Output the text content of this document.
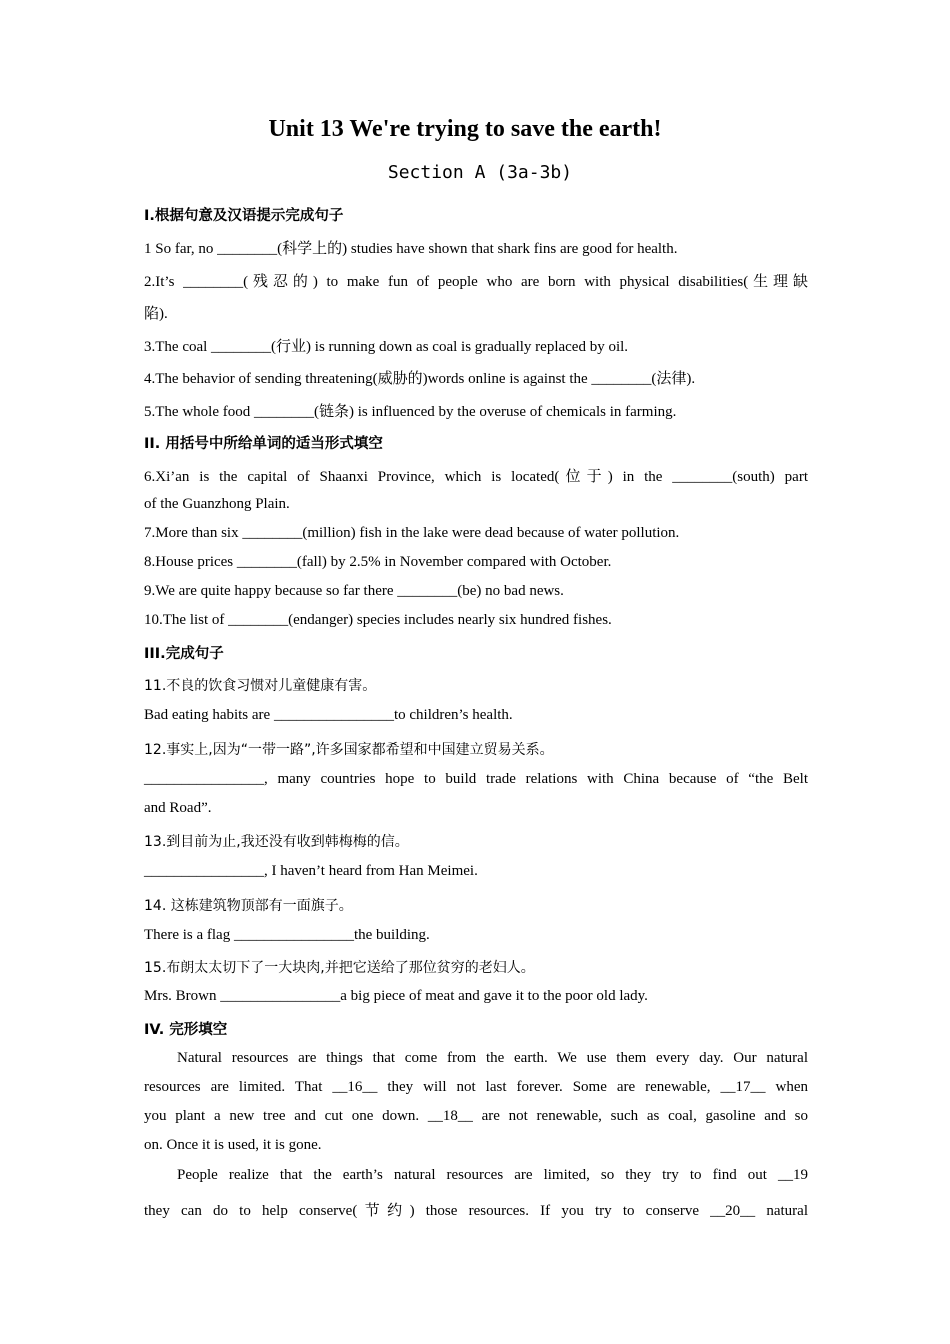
Unit 13 We're trying to save the earth!
Section A (3a-3b)
I.根据句意及汉语提示完成句子
1 So far, no ________(科学上的) studies have shown that shark fins are good for health.
2.It’s ________(残忍的) to make fun of people who are born with physical disabilities(生理缺
陷).
3.The coal ________(行业) is running down as coal is gradually replaced by oil.
4.The behavior of sending threatening(威胁的)words online is against the ________(法律).
5.The whole food ________(链条) is influenced by the overuse of chemicals in farming.
II. 用括号中所给单词的适当形式填空
6.Xi’an is the capital of Shaanxi Province, which is located(位于) in the ________(south) part
of the Guanzhong Plain.
7.More than six ________(million) fish in the lake were dead because of water pollution.
8.House prices ________(fall) by 2.5% in November compared with October.
9.We are quite happy because so far there ________(be) no bad news.
10.The list of ________(endanger) species includes nearly six hundred fishes.
III.完成句子
11.不良的饮食习惯对儿童健康有害。
Bad eating habits are ________________to children’s health.
12.事实上,因为“一带一路”,许多国家都希望和中国建立贸易关系。
________________, many countries hope to build trade relations with China because of “the Belt
and Road”.
13.到目前为止,我还没有收到韩梅梅的信。
________________, I haven’t heard from Han Meimei.
14. 这栋建筑物顶部有一面旗子。
There is a flag ________________the building.
15.布朗太太切下了一大块肉,并把它送给了那位贫穷的老妇人。
Mrs. Brown ________________a big piece of meat and gave it to the poor old lady.
IV. 完形填空
Natural resources are things that come from the earth. We use them every day. Our natural
resources are limited. That __16__ they will not last forever. Some are renewable, __17__ when
you plant a new tree and cut one down. __18__ are not renewable, such as coal, gasoline and so
on. Once it is used, it is gone.
People realize that the earth’s natural resources are limited, so they try to find out __19
they can do to help conserve(节约) those resources. If you try to conserve __20__ natural
